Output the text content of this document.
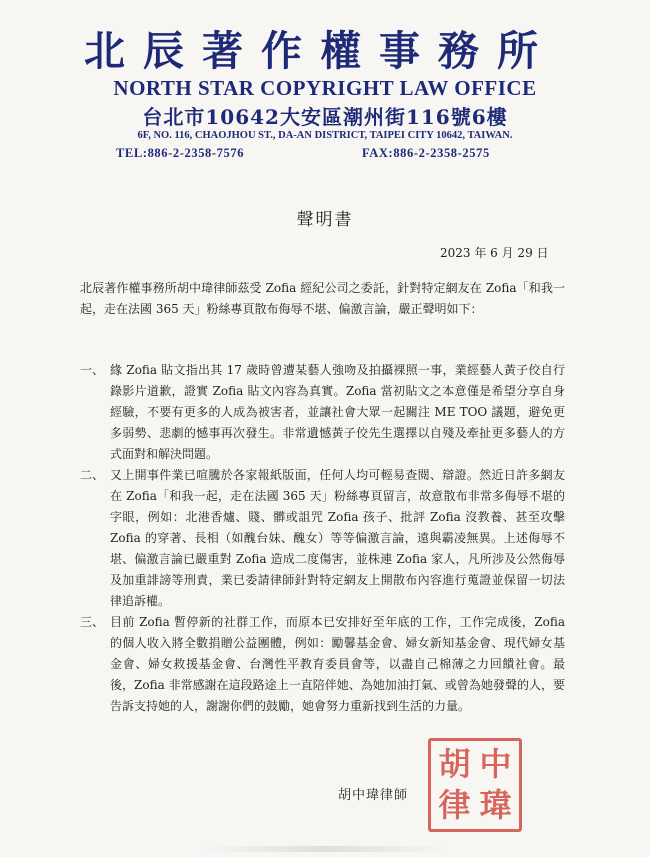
北辰著作權事務所
NORTH STAR COPYRIGHT LAW OFFICE
台北市10642大安區潮州街116號6樓
6F, NO. 116, CHAOJHOU ST., DA-AN DISTRICT, TAIPEI CITY 10642, TAIWAN.
TEL:886-2-2358-7576	FAX:886-2-2358-2575
聲明書
2023 年 6 月 29 日
北辰著作權事務所胡中瑋律師茲受 Zofia 經紀公司之委託，針對特定網友在 Zofia「和我一起，走在法國 365 天」粉絲專頁散布侮辱不堪、偏激言論，嚴正聲明如下：
一、 緣 Zofia 貼文指出其 17 歲時曾遭某藝人強吻及拍攝裸照一事，業經藝人黃子佼自行錄影片道歉，證實 Zofia 貼文內容為真實。Zofia 當初貼文之本意僅是希望分享自身經驗，不要有更多的人成為被害者，並讓社會大眾一起關注 ME TOO 議題，避免更多弱勢、悲劇的憾事再次發生。非常遺憾黃子佼先生選擇以自殘及牽扯更多藝人的方式面對和解決問題。
二、 又上開事件業已喧騰於各家報紙版面，任何人均可輕易查閱、辯證。然近日許多網友在 Zofia「和我一起，走在法國 365 天」粉絲專頁留言，故意散布非常多侮辱不堪的字眼，例如：北港香爐、賤、髒或詛咒 Zofia 孩子、批評 Zofia 沒教養、甚至攻擊 Zofia 的穿著、長相（如醜台妹、醜女）等等偏激言論，遠與霸凌無異。上述侮辱不堪、偏激言論已嚴重對 Zofia 造成二度傷害，並株連 Zofia 家人，凡所涉及公然侮辱及加重誹謗等刑責，業已委請律師針對特定網友上開散布內容進行蒐證並保留一切法律追訴權。
三、 目前 Zofia 暫停新的社群工作，而原本已安排好至年底的工作，工作完成後，Zofia 的個人收入將全數捐贈公益團體，例如：勵馨基金會、婦女新知基金會、現代婦女基金會、婦女救援基金會、台灣性平教育委員會等，以盡自己棉薄之力回饋社會。最後，Zofia 非常感謝在這段路途上一直陪伴她、為她加油打氣、或曾為她發聲的人，要告訴支持她的人，謝謝你們的鼓勵，她會努力重新找到生活的力量。
胡中瑋律師
胡 中
律 瑋
